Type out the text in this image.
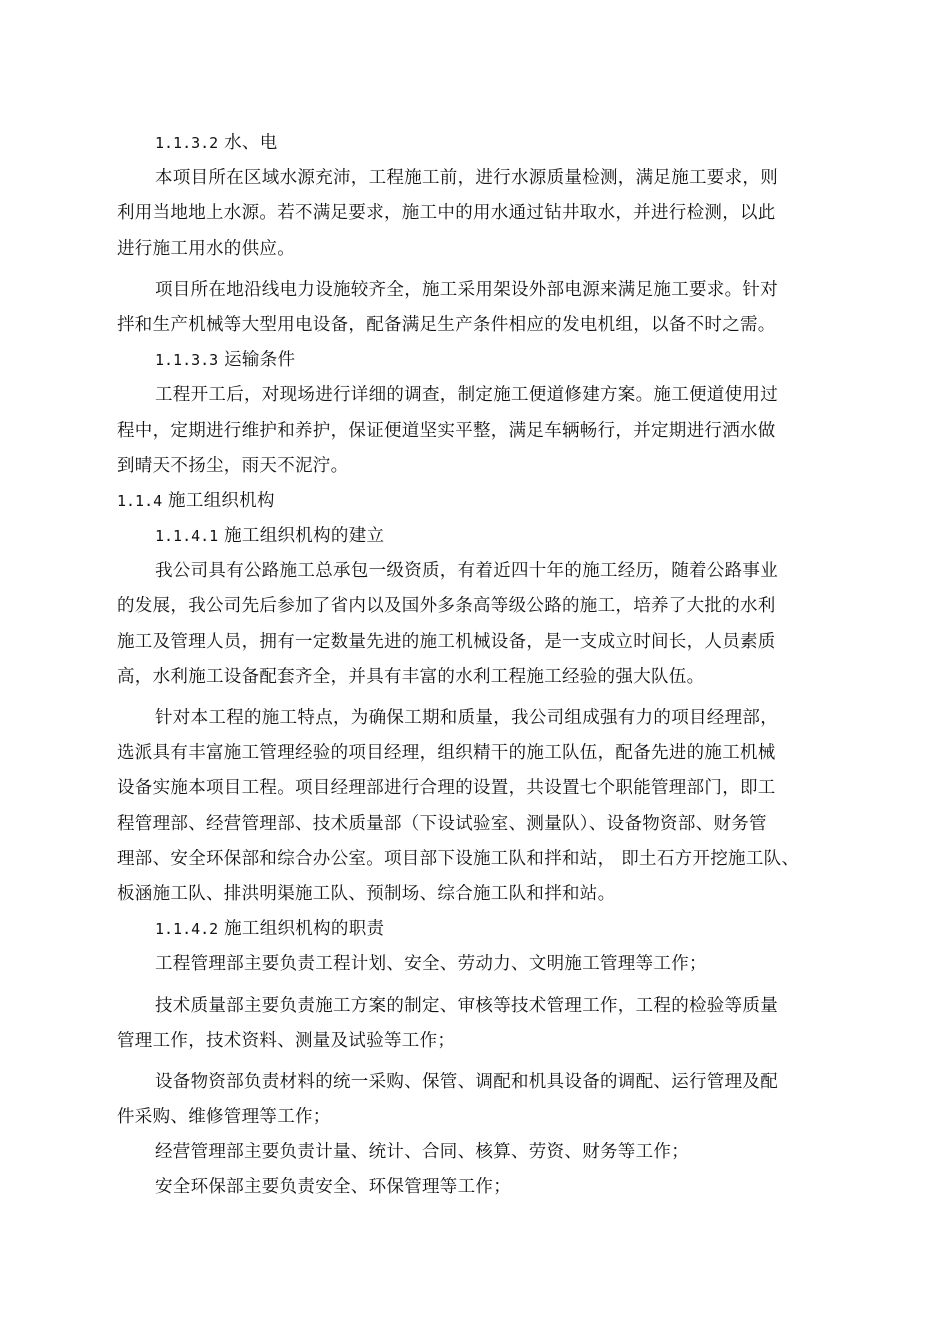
1.1.3.2 水、电
本项目所在区域水源充沛，工程施工前，进行水源质量检测，满足施工要求，则
利用当地地上水源。若不满足要求，施工中的用水通过钻井取水，并进行检测，以此
进行施工用水的供应。
项目所在地沿线电力设施较齐全，施工采用架设外部电源来满足施工要求。针对
拌和生产机械等大型用电设备，配备满足生产条件相应的发电机组，以备不时之需。
1.1.3.3 运输条件
工程开工后，对现场进行详细的调查，制定施工便道修建方案。施工便道使用过
程中，定期进行维护和养护，保证便道坚实平整，满足车辆畅行，并定期进行洒水做
到晴天不扬尘，雨天不泥泞。
1.1.4 施工组织机构
1.1.4.1 施工组织机构的建立
我公司具有公路施工总承包一级资质，有着近四十年的施工经历，随着公路事业
的发展，我公司先后参加了省内以及国外多条高等级公路的施工，培养了大批的水利
施工及管理人员，拥有一定数量先进的施工机械设备，是一支成立时间长，人员素质
高，水利施工设备配套齐全，并具有丰富的水利工程施工经验的强大队伍。
针对本工程的施工特点，为确保工期和质量，我公司组成强有力的项目经理部，
选派具有丰富施工管理经验的项目经理，组织精干的施工队伍，配备先进的施工机械
设备实施本项目工程。项目经理部进行合理的设置，共设置七个职能管理部门，即工
程管理部、经营管理部、技术质量部（下设试验室、测量队）、设备物资部、财务管
理部、安全环保部和综合办公室。项目部下设施工队和拌和站， 即土石方开挖施工队、
板涵施工队、排洪明渠施工队、预制场、综合施工队和拌和站。
1.1.4.2 施工组织机构的职责
工程管理部主要负责工程计划、安全、劳动力、文明施工管理等工作；
技术质量部主要负责施工方案的制定、审核等技术管理工作，工程的检验等质量
管理工作，技术资料、测量及试验等工作；
设备物资部负责材料的统一采购、保管、调配和机具设备的调配、运行管理及配
件采购、维修管理等工作；
经营管理部主要负责计量、统计、合同、核算、劳资、财务等工作；
安全环保部主要负责安全、环保管理等工作；
